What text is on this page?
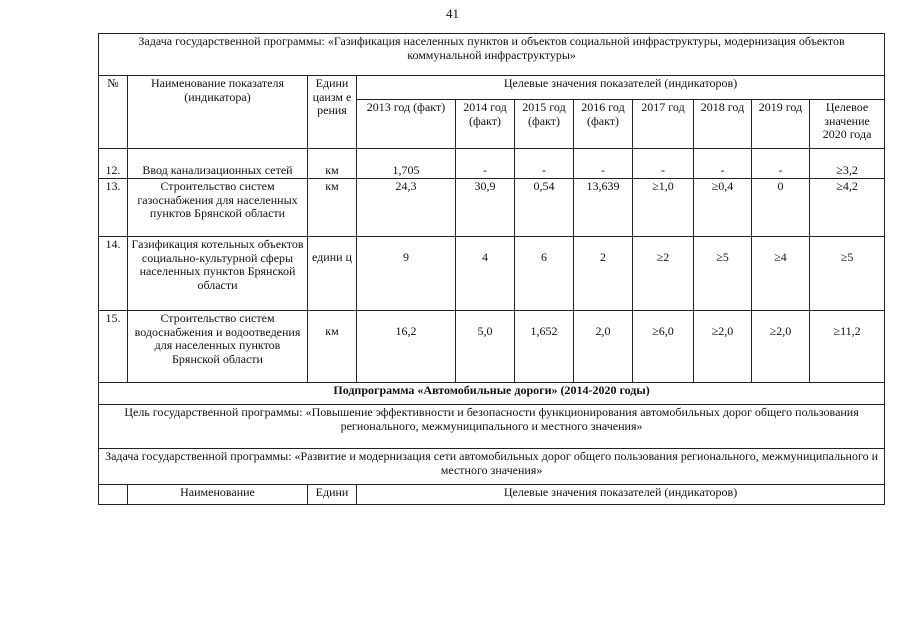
41
Задача государственной программы: «Газификация населенных пунктов и объектов социальной инфраструктуры, модернизация объектов коммунальной инфраструктуры»										
№	Наименование показателя (индикатора)	Едини цаизм е рения	Целевые значения показателей (индикаторов)							
			2013 год (факт)	2014 год (факт)	2015 год (факт)	2016 год (факт)	2017 год	2018 год	2019 год	Целевое значение 2020 года
12.	Ввод канализационных сетей	км	1,705	-	-	-	-	-	-	≥3,2
13.	Строительство систем газоснабжения для населенных пунктов Брянской области	км	24,3	30,9	0,54	13,639	≥1,0	≥0,4	0	≥4,2
14.	Газификация котельных объектов социально-культурной сферы населенных пунктов Брянской области	едини ц	9	4	6	2	≥2	≥5	≥4	≥5
15.	Строительство систем водоснабжения и водоотведения для населенных пунктов Брянской области	км	16,2	5,0	1,652	2,0	≥6,0	≥2,0	≥2,0	≥11,2
Подпрограмма «Автомобильные дороги» (2014-2020 годы)										
Цель государственной программы: «Повышение эффективности и безопасности функционирования автомобильных дорог общего пользования регионального, межмуниципального и местного значения»										
Задача государственной программы: «Развитие и модернизация сети автомобильных дорог общего пользования регионального, межмуниципального и местного значения»										
	Наименование	Едини	Целевые значения показателей (индикаторов)							
